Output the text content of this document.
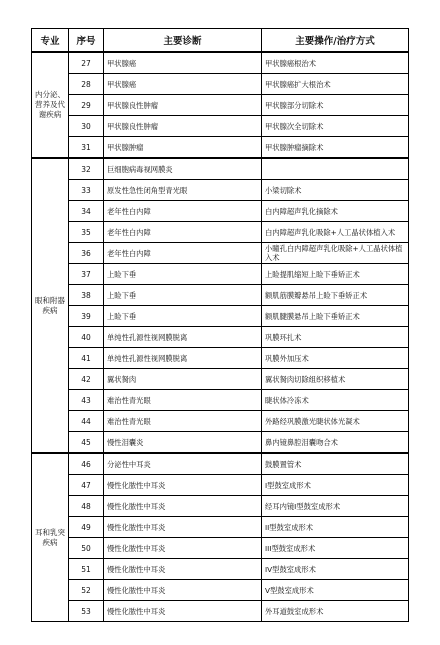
专业	序号	主要诊断	主要操作/治疗方式
内分泌、营养及代谢疾病	27	甲状腺癌	甲状腺癌根治术
	28	甲状腺癌	甲状腺癌扩大根治术
	29	甲状腺良性肿瘤	甲状腺部分切除术
	30	甲状腺良性肿瘤	甲状腺次全切除术
	31	甲状腺肿瘤	甲状腺肿瘤摘除术
眼和附器疾病	32	巨细胞病毒视网膜炎	
	33	原发性急性闭角型青光眼	小梁切除术
	34	老年性白内障	白内障超声乳化摘除术
	35	老年性白内障	白内障超声乳化吸除+人工晶状体植入术
	36	老年性白内障	小瞳孔白内障超声乳化吸除+人工晶状体植入术
	37	上睑下垂	上睑提肌缩短上睑下垂矫正术
	38	上睑下垂	额肌筋膜瓣悬吊上睑下垂矫正术
	39	上睑下垂	额肌腱膜悬吊上睑下垂矫正术
	40	单纯性孔源性视网膜脱离	巩膜环扎术
	41	单纯性孔源性视网膜脱离	巩膜外加压术
	42	翼状胬肉	翼状胬肉切除组织移植术
	43	难治性青光眼	睫状体冷冻术
	44	难治性青光眼	外路经巩膜激光睫状体光凝术
	45	慢性泪囊炎	鼻内镜鼻腔泪囊吻合术
耳和乳突疾病	46	分泌性中耳炎	鼓膜置管术
	47	慢性化脓性中耳炎	I型鼓室成形术
	48	慢性化脓性中耳炎	经耳内镜I型鼓室成形术
	49	慢性化脓性中耳炎	II型鼓室成形术
	50	慢性化脓性中耳炎	III型鼓室成形术
	51	慢性化脓性中耳炎	IV型鼓室成形术
	52	慢性化脓性中耳炎	V型鼓室成形术
	53	慢性化脓性中耳炎	外耳道鼓室成形术
